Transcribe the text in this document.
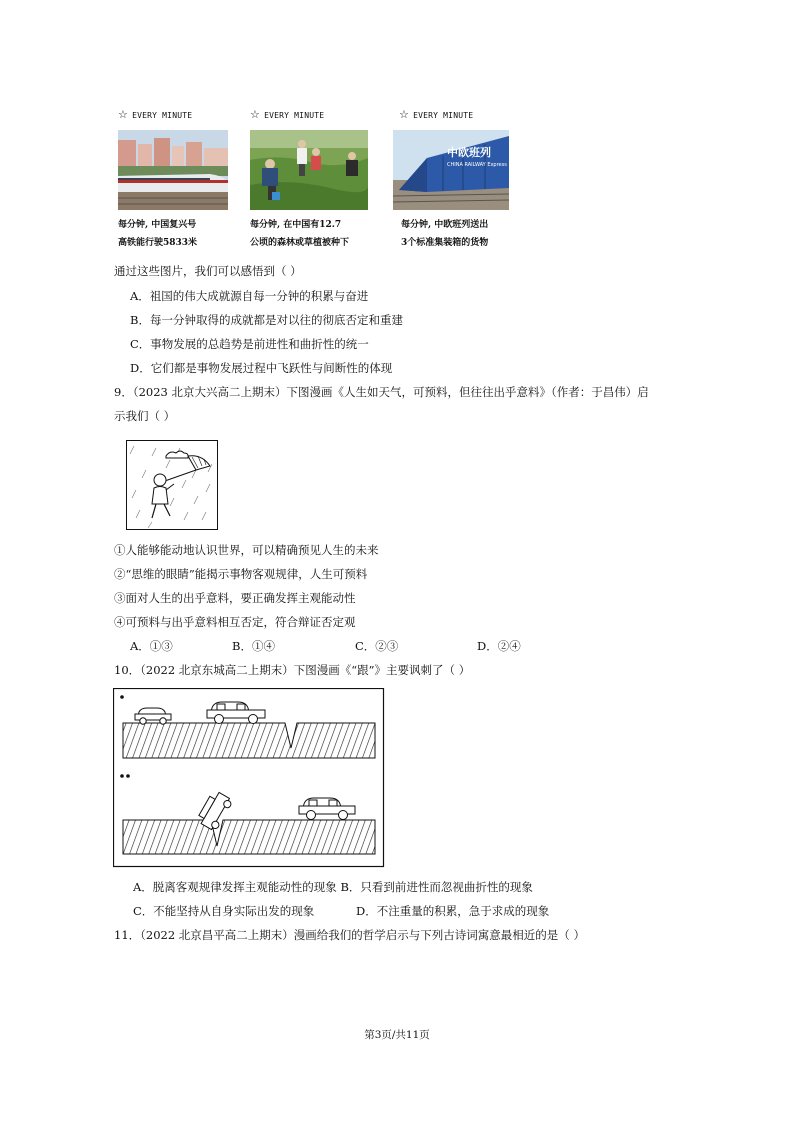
☆ EVERY MINUTE
每分钟, 中国复兴号
高铁能行驶5833米
☆ EVERY MINUTE
每分钟, 在中国有12.7
公顷的森林或草植被种下
☆ EVERY MINUTE
中欧班列
CHINA RAILWAY Express
每分钟, 中欧班列送出
3个标准集装箱的货物
通过这些图片，我们可以感悟到（ ）
A．祖国的伟大成就源自每一分钟的积累与奋进
B．每一分钟取得的成就都是对以往的彻底否定和重建
C．事物发展的总趋势是前进性和曲折性的统一
D．它们都是事物发展过程中飞跃性与间断性的体现
9．（2023 北京大兴高二上期末）下图漫画《人生如天气，可预料，但往往出乎意料》（作者：于昌伟）启
示我们（ ）
①人能够能动地认识世界，可以精确预见人生的未来
②“思维的眼睛”能揭示事物客观规律，人生可预料
③面对人生的出乎意料，要正确发挥主观能动性
④可预料与出乎意料相互否定，符合辩证否定观
A．①③	B．①④	C．②③	D．②④
10．（2022 北京东城高二上期末）下图漫画《“跟”》主要讽刺了（ ）
A．脱离客观规律发挥主观能动性的现象 B．只看到前进性而忽视曲折性的现象
C．不能坚持从自身实际出发的现象	D．不注重量的积累，急于求成的现象
11．（2022 北京昌平高二上期末）漫画给我们的哲学启示与下列古诗词寓意最相近的是（ ）
第3页/共11页
